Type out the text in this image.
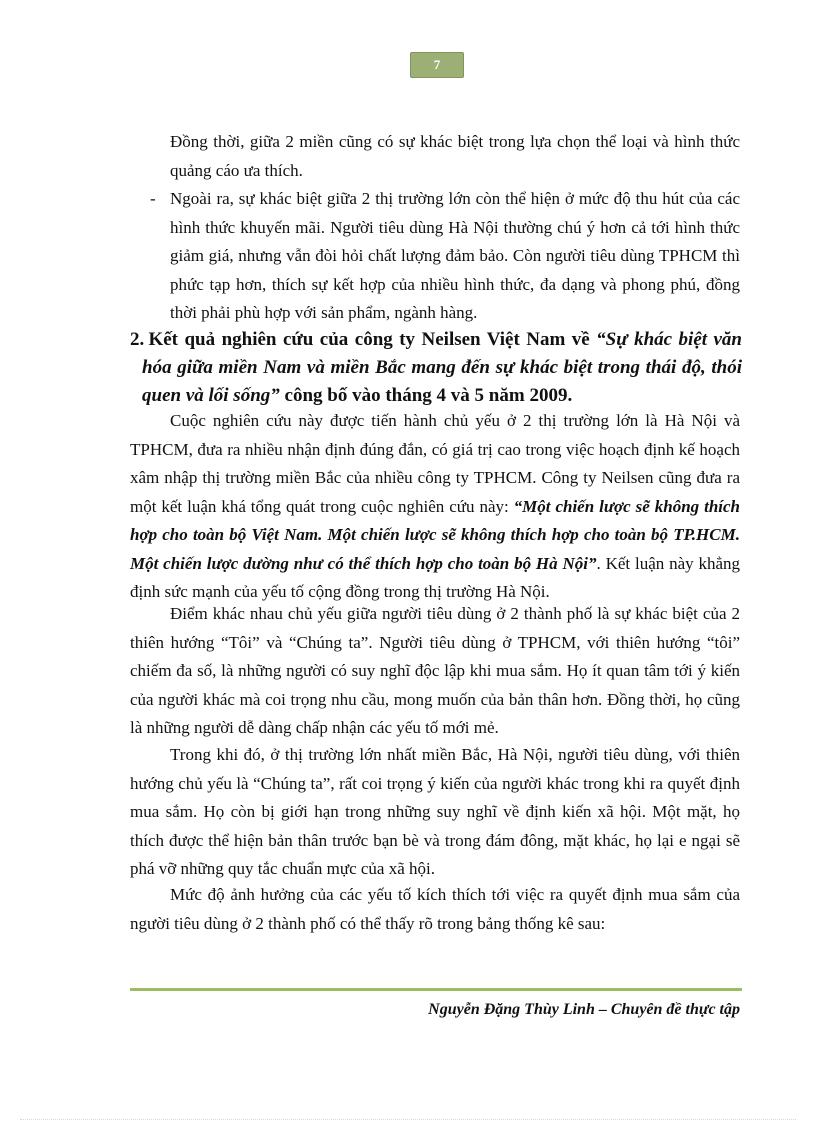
7

Đồng thời, giữa 2 miền cũng có sự khác biệt trong lựa chọn thể loại và hình thức quảng cáo ưa thích.

- Ngoài ra, sự khác biệt giữa 2 thị trường lớn còn thể hiện ở mức độ thu hút của các hình thức khuyến mãi. Người tiêu dùng Hà Nội thường chú ý hơn cả tới hình thức giảm giá, nhưng vẫn đòi hỏi chất lượng đảm bảo. Còn người tiêu dùng TPHCM thì phức tạp hơn, thích sự kết hợp của nhiều hình thức, đa dạng và phong phú, đồng thời phải phù hợp với sản phẩm, ngành hàng.

2. Kết quả nghiên cứu của công ty Neilsen Việt Nam về “Sự khác biệt văn hóa giữa miền Nam và miền Bắc mang đến sự khác biệt trong thái độ, thói quen và lối sống” công bố vào tháng 4 và 5 năm 2009.

Cuộc nghiên cứu này được tiến hành chủ yếu ở 2 thị trường lớn là Hà Nội và TPHCM, đưa ra nhiều nhận định đúng đắn, có giá trị cao trong việc hoạch định kế hoạch xâm nhập thị trường miền Bắc của nhiều công ty TPHCM. Công ty Neilsen cũng đưa ra một kết luận khá tổng quát trong cuộc nghiên cứu này: “Một chiến lược sẽ không thích hợp cho toàn bộ Việt Nam. Một chiến lược sẽ không thích hợp cho toàn bộ TP.HCM. Một chiến lược dường như có thể thích hợp cho toàn bộ Hà Nội”. Kết luận này khẳng định sức mạnh của yếu tố cộng đồng trong thị trường Hà Nội.

Điểm khác nhau chủ yếu giữa người tiêu dùng ở 2 thành phố là sự khác biệt của 2 thiên hướng “Tôi” và “Chúng ta”. Người tiêu dùng ở TPHCM, với thiên hướng “tôi” chiếm đa số, là những người có suy nghĩ độc lập khi mua sắm. Họ ít quan tâm tới ý kiến của người khác mà coi trọng nhu cầu, mong muốn của bản thân hơn. Đồng thời, họ cũng là những người dễ dàng chấp nhận các yếu tố mới mẻ.

Trong khi đó, ở thị trường lớn nhất miền Bắc, Hà Nội, người tiêu dùng, với thiên hướng chủ yếu là “Chúng ta”, rất coi trọng ý kiến của người khác trong khi ra quyết định mua sắm. Họ còn bị giới hạn trong những suy nghĩ về định kiến xã hội. Một mặt, họ thích được thể hiện bản thân trước bạn bè và trong đám đông, mặt khác, họ lại e ngại sẽ phá vỡ những quy tắc chuẩn mực của xã hội.

Mức độ ảnh hưởng của các yếu tố kích thích tới việc ra quyết định mua sắm của người tiêu dùng ở 2 thành phố có thể thấy rõ trong bảng thống kê sau:

Nguyễn Đặng Thùy Linh – Chuyên đề thực tập
